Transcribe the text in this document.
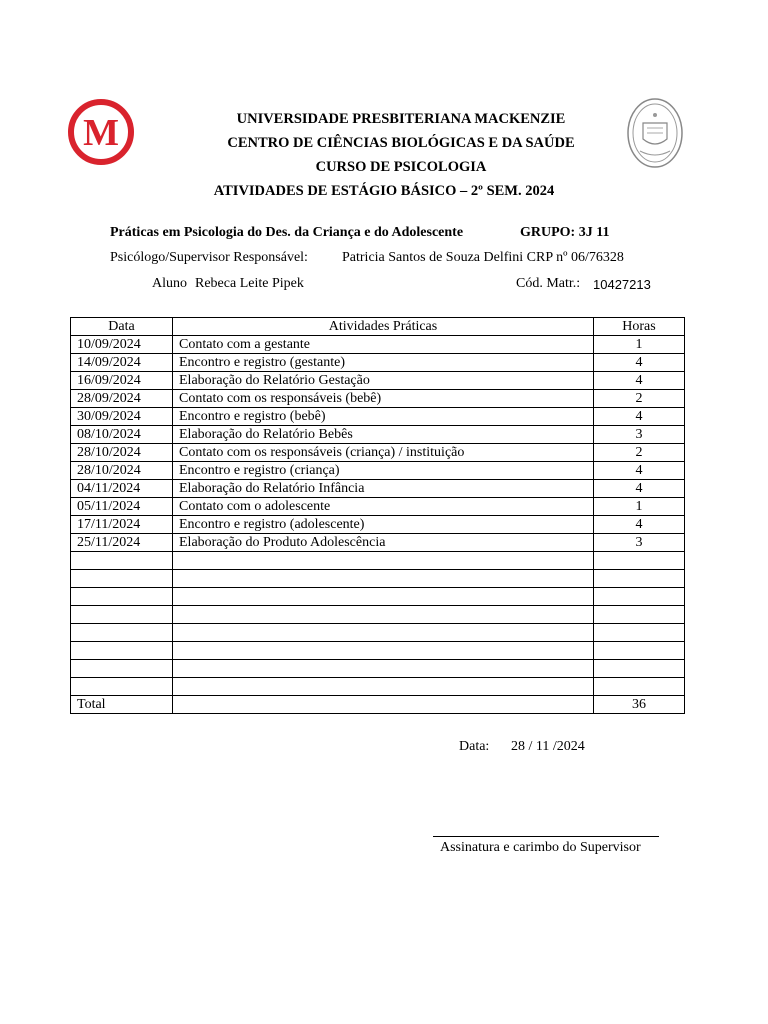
M	UNIVERSIDADE PRESBITERIANA MACKENZIE
CENTRO DE CIÊNCIAS BIOLÓGICAS E DA SAÚDE
CURSO DE PSICOLOGIA
ATIVIDADES DE ESTÁGIO BÁSICO – 2º SEM. 2024
Práticas em Psicologia do Des. da Criança e do Adolescente	GRUPO: 3J 11
Psicólogo/Supervisor Responsável: Patricia Santos de Souza Delfini CRP nº 06/76328
Aluno Rebeca Leite Pipek	Cód. Matr.: 10427213
Data	Atividades Práticas	Horas
10/09/2024	Contato com a gestante	1
14/09/2024	Encontro e registro (gestante)	4
16/09/2024	Elaboração do Relatório Gestação	4
28/09/2024	Contato com os responsáveis (bebê)	2
30/09/2024	Encontro e registro (bebê)	4
08/10/2024	Elaboração do Relatório Bebês	3
28/10/2024	Contato com os responsáveis (criança) / instituição	2
28/10/2024	Encontro e registro (criança)	4
04/11/2024	Elaboração do Relatório Infância	4
05/11/2024	Contato com o adolescente	1
17/11/2024	Encontro e registro (adolescente)	4
25/11/2024	Elaboração do Produto Adolescência	3

Total		36
Data: 28 / 11 /2024
Assinatura e carimbo do Supervisor
